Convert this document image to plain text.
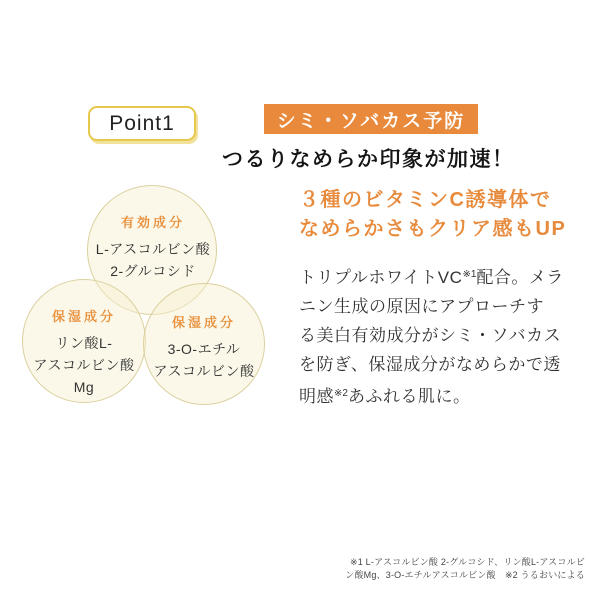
Point1	シミ・ソバカス予防
つるりなめらか印象が加速！
有効成分
L-アスコルビン酸
2-グルコシド
保湿成分
リン酸L-
アスコルビン酸
Mg
保湿成分
3-O-エチル
アスコルビン酸
３種のビタミンC誘導体で
なめらかさもクリア感もUP
トリプルホワイトVC$^{※1}$配合。メラ
ニン生成の原因にアプローチす
る美白有効成分がシミ・ソバカス
を防ぎ、保湿成分がなめらかで透
明感$^{※2}$あふれる肌に。
※1 L-アスコルビン酸 2-グルコシド、リン酸L-アスコルビ
ン酸Mg、3-O-エチルアスコルビン酸　※2 うるおいによる
